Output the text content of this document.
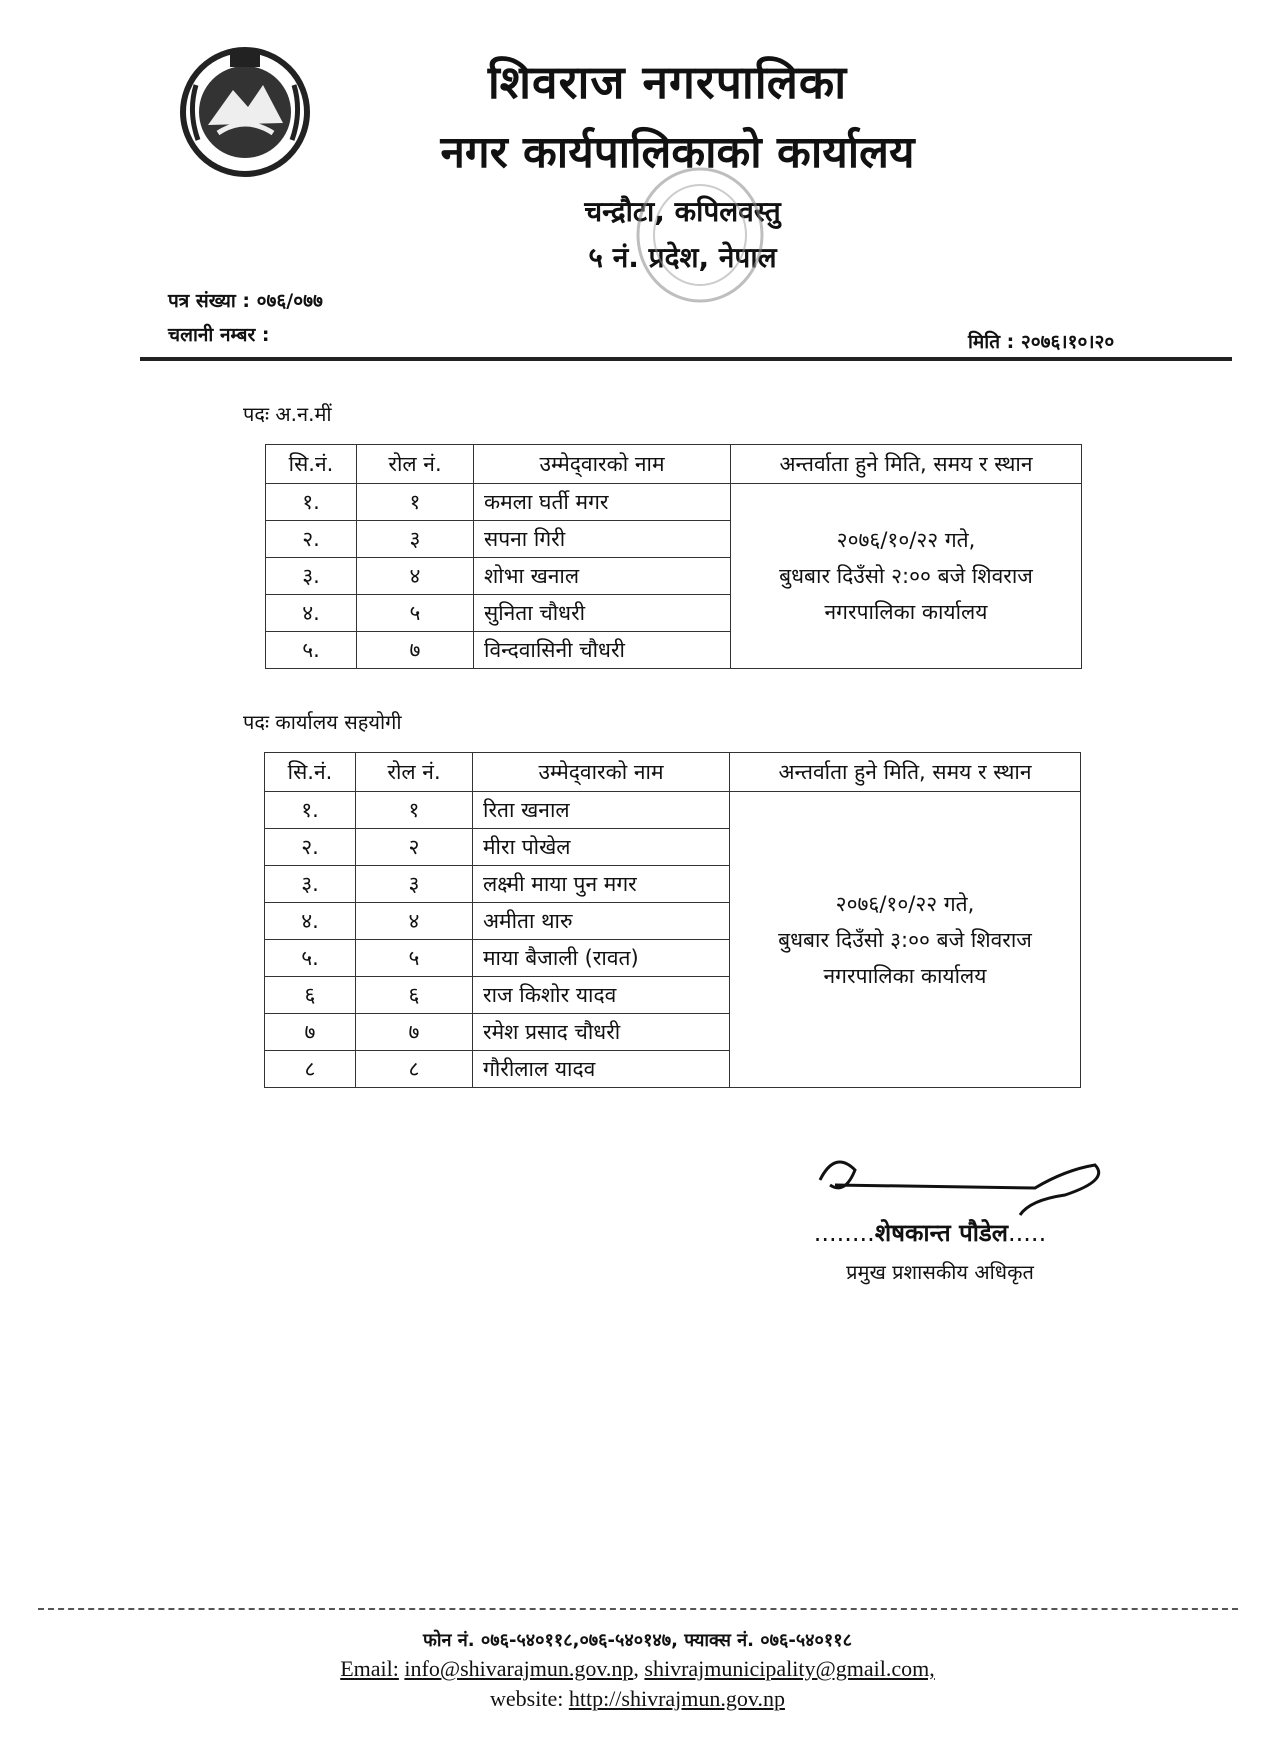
शिवराज नगरपालिका
नगर कार्यपालिकाको कार्यालय
चन्द्रौटा, कपिलवस्तु
५ नं. प्रदेश, नेपाल
पत्र संख्या : ०७६/०७७
चलानी नम्बर :	मिति : २०७६।१०।२०
पदः अ.न.मीं
सि.नं.	रोल नं.	उम्मेद्‌वारको नाम	अन्तर्वाता हुने मिति, समय र स्थान
१.	१	कमला घर्ती मगर	२०७६/१०/२२ गते,
बुधबार दिउँसो २:०० बजे शिवराज
नगरपालिका कार्यालय

२.	३	सपना गिरी	
३.	४	शोभा खनाल	
४.	५	सुनिता चौधरी	
५.	७	विन्दवासिनी चौधरी	
पदः कार्यालय सहयोगी
सि.नं.	रोल नं.	उम्मेद्‌वारको नाम	अन्तर्वाता हुने मिति, समय र स्थान
१.	१	रिता खनाल	२०७६/१०/२२ गते,
बुधबार दिउँसो ३:०० बजे शिवराज
नगरपालिका कार्यालय

२.	२	मीरा पोखेल	
३.	३	लक्ष्मी माया पुन मगर	
४.	४	अमीता थारु	
५.	५	माया बैजाली (रावत)	
६	६	राज किशोर यादव	
७	७	रमेश प्रसाद चौधरी	
८	८	गौरीलाल यादव	
........शेषकान्त पौडेल.....
प्रमुख प्रशासकीय अधिकृत
फोन नं. ०७६-५४०११८,०७६-५४०१४७, फ्याक्स नं. ०७६-५४०११८
Email: info@shivarajmun.gov.np, shivrajmunicipality@gmail.com,
website: http://shivrajmun.gov.np
